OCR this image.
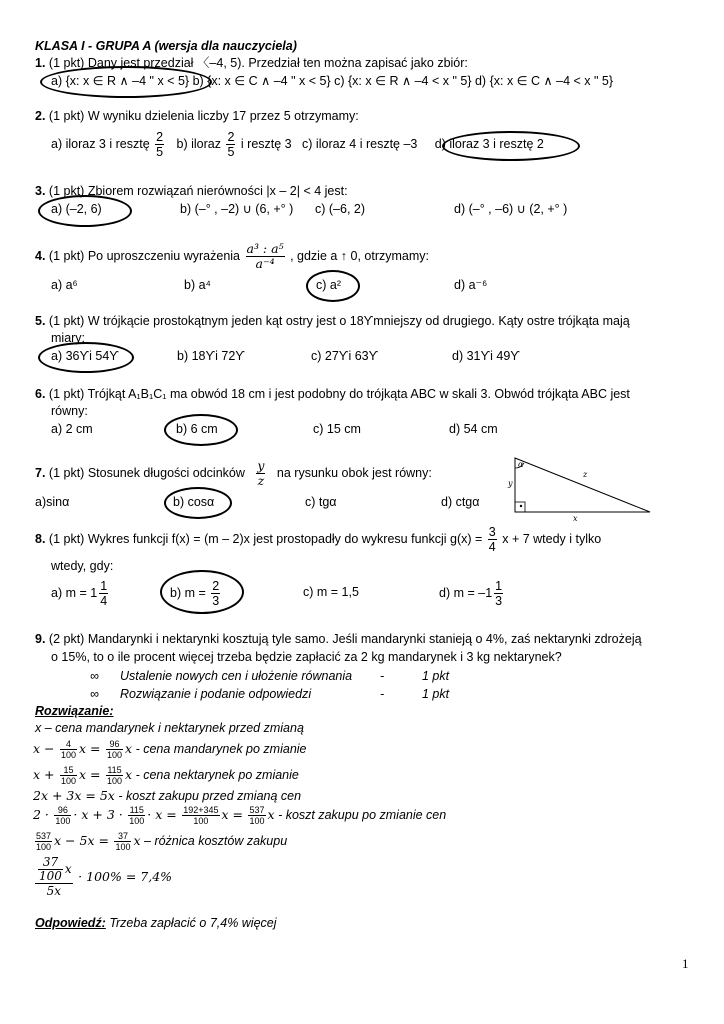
KLASA I - GRUPA A (wersja dla nauczyciela)
1. (1 pkt) Dany jest przedział 〈–4, 5). Przedział ten można zapisać jako zbiór:
a) {x: x ∈ R ∧ –4 " x < 5} b) {x: x ∈ C ∧ –4 " x < 5} c) {x: x ∈ R ∧ –4 < x " 5} d) {x: x ∈ C ∧ –4 < x " 5}
2. (1 pkt) W wyniku dzielenia liczby 17 przez 5 otrzymamy:
a) iloraz 3 i resztę $\frac{2}{5} b$) iloraz $\frac{2}{5}$ i resztę 3 c) iloraz 4 i resztę –3 d) iloraz 3 i resztę 2
3. (1 pkt) Zbiorem rozwiązań nierówności |x – 2| < 4 jest:
a) (–2, 6)	b) (–° , –2) ∪ (6, +° ) c) (–6, 2)	d) (–° , –6) ∪ (2, +° )
4. (1 pkt) Po uproszczeniu wyrażenia $\frac{\text{a³ : a⁵}}{\text{a⁻⁴}}$ , gdzie a ↑ 0, otrzymamy:
a) a⁶	b) a⁴	c) a²	d) a⁻⁶
5. (1 pkt) W trójkącie prostokątnym jeden kąt ostry jest o 18ϒmniejszy od drugiego. Kąty ostre trójkąta mają
miary:
a) 36ϒi 54ϒ	b) 18ϒi 72ϒ	c) 27ϒi 63ϒ	d) 31ϒi 49ϒ
6. (1 pkt) Trójkąt A₁B₁C₁ ma obwód 18 cm i jest podobny do trójkąta ABC w skali 3. Obwód trójkąta ABC jest
równy:
a) 2 cm	b) 6 cm	c) 15 cm	d) 54 cm
7. (1 pkt) Stosunek długości odcinków $\frac{y}{z}$ na rysunku obok jest równy:
a)sinα	b) cosα	c) tgα	d) ctgα
α
y
z
x
8. (1 pkt) Wykres funkcji f(x) = (m – 2)x jest prostopadły do wykresu funkcji $g(x) = \frac{3}{4}$ x + 7 wtedy i tylko
wtedy, gdy:
a) $m = 1 \frac{1}{4}$	b) $m = \frac{2}{3}$	c) m = 1,5	d) $m = -1 \frac{1}{3}$
9. (2 pkt) Mandarynki i nektarynki kosztują tyle samo. Jeśli mandarynki stanieją o 4%, zaś nektarynki zdrożeją
o 15%, to o ile procent więcej trzeba będzie zapłacić za 2 kg mandarynek i 3 kg nektarynek?
∞ Ustalenie nowych cen i ułożenie równania -	1 pkt
∞ Rozwiązanie i podanie odpowiedzi	-	1 pkt
Rozwiązanie:
x – cena mandarynek i nektarynek przed zmianą
$x - \frac{4}{100}$ $x = \frac{96}{100}$ x - cena mandarynek po zmianie
$x + \frac{15}{100}$ $x = \frac{115}{100}$ x - cena nektarynek po zmianie
2x + 3x = 5x - koszt zakupu przed zmianą cen
$2 \cdot \frac{96}{100} \cdot x + 3 \cdot \frac{115}{100} \cdot x = \frac{192+345}{100}$ $x = \frac{537}{100}$ x - koszt zakupu po zmianie cen
$\frac{537}{100}$ $x - 5x = \frac{37}{100}$ x – różnica kosztów zakupu
$\frac{\frac{37}{100} x}{5x} \cdot 100\% = 7,4\%$
Odpowiedź: Trzeba zapłacić o 7,4% więcej
1
